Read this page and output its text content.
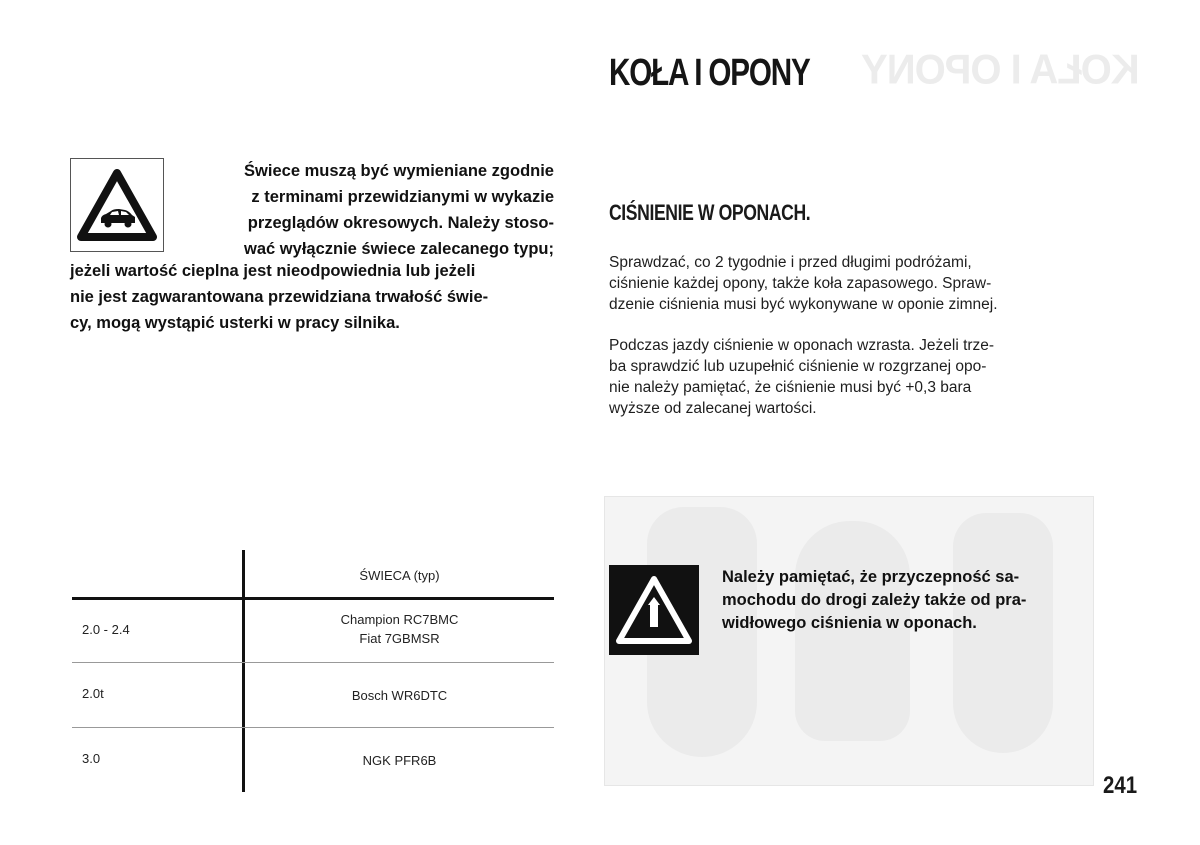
KOŁA I OPONY
KOŁA I OPONY
Świece muszą być wymieniane zgodnie
z terminami przewidzianymi w wykazie
przeglądów okresowych. Należy stoso-
wać wyłącznie świece zalecanego typu;
jeżeli wartość cieplna jest nieodpowiednia lub jeżeli
nie jest zagwarantowana przewidziana trwałość świe-
cy, mogą wystąpić usterki w pracy silnika.
ŚWIECA (typ)
2.0 - 2.4
Champion RC7BMC
Fiat 7GBMSR
2.0t	Bosch WR6DTC
3.0	NGK PFR6B
CIŚNIENIE W OPONACH.
Sprawdzać, co 2 tygodnie i przed długimi podróżami,
ciśnienie każdej opony, także koła zapasowego. Spraw-
dzenie ciśnienia musi być wykonywane w oponie zimnej.
Podczas jazdy ciśnienie w oponach wzrasta. Jeżeli trze-
ba sprawdzić lub uzupełnić ciśnienie w rozgrzanej opo-
nie należy pamiętać, że ciśnienie musi być +0,3 bara
wyższe od zalecanej wartości.
Należy pamiętać, że przyczepność sa-
mochodu do drogi zależy także od pra-
widłowego ciśnienia w oponach.
241
